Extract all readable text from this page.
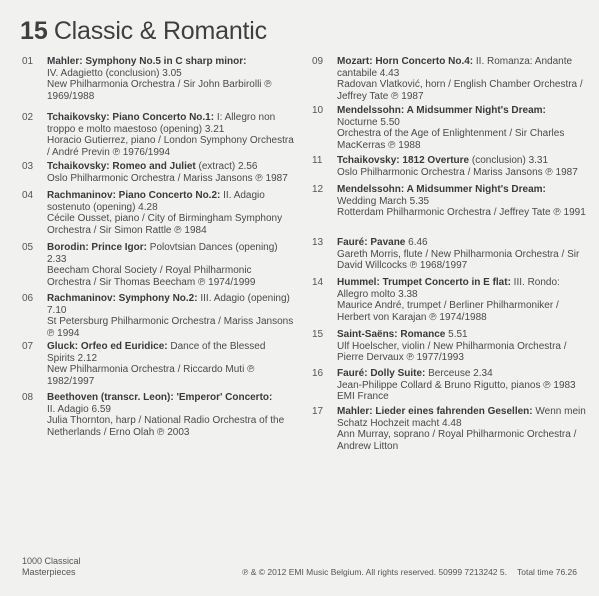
15 Classic & Romantic
01	Mahler: Symphony No.5 in C sharp minor:
IV. Adagietto (conclusion) 3.05
New Philharmonia Orchestra / Sir John Barbirolli ℗ 1969/1988
02	Tchaikovsky: Piano Concerto No.1: I: Allegro non troppo e molto maestoso (opening) 3.21
Horacio Gutierrez, piano / London Symphony Orchestra / André Previn ℗ 1976/1994
03	Tchaikovsky: Romeo and Juliet (extract) 2.56
Oslo Philharmonic Orchestra / Mariss Jansons ℗ 1987
04	Rachmaninov: Piano Concerto No.2: II. Adagio sostenuto (opening) 4.28
Cécile Ousset, piano / City of Birmingham Symphony Orchestra / Sir Simon Rattle ℗ 1984
05	Borodin: Prince Igor: Polovtsian Dances (opening) 2.33
Beecham Choral Society / Royal Philharmonic Orchestra / Sir Thomas Beecham ℗ 1974/1999
06	Rachmaninov: Symphony No.2: III. Adagio (opening) 7.10
St Petersburg Philharmonic Orchestra / Mariss Jansons ℗ 1994
07	Gluck: Orfeo ed Euridice: Dance of the Blessed Spirits 2.12
New Philharmonia Orchestra / Riccardo Muti ℗ 1982/1997
08	Beethoven (transcr. Leon): 'Emperor' Concerto:
II. Adagio 6.59
Julia Thornton, harp / National Radio Orchestra of the Netherlands / Erno Olah ℗ 2003
09	Mozart: Horn Concerto No.4: II. Romanza: Andante cantabile 4.43
Radovan Vlatković, horn / English Chamber Orchestra / Jeffrey Tate ℗ 1987
10	Mendelssohn: A Midsummer Night's Dream:
Nocturne 5.50
Orchestra of the Age of Enlightenment / Sir Charles MacKerras ℗ 1988
11	Tchaikovsky: 1812 Overture (conclusion) 3.31
Oslo Philharmonic Orchestra / Mariss Jansons ℗ 1987
12	Mendelssohn: A Midsummer Night's Dream:
Wedding March 5.35
Rotterdam Philharmonic Orchestra / Jeffrey Tate ℗ 1991
13	Fauré: Pavane 6.46
Gareth Morris, flute / New Philharmonia Orchestra / Sir David Willcocks ℗ 1968/1997
14	Hummel: Trumpet Concerto in E flat: III. Rondo: Allegro molto 3.38
Maurice André, trumpet / Berliner Philharmoniker / Herbert von Karajan ℗ 1974/1988
15	Saint-Saëns: Romance 5.51
Ulf Hoelscher, violin / New Philharmonia Orchestra / Pierre Dervaux ℗ 1977/1993
16	Fauré: Dolly Suite: Berceuse 2.34
Jean-Philippe Collard & Bruno Rigutto, pianos ℗ 1983 EMI France
17	Mahler: Lieder eines fahrenden Gesellen: Wenn mein Schatz Hochzeit macht 4.48
Ann Murray, soprano / Royal Philharmonic Orchestra / Andrew Litton
1000 Classical
Masterpieces	℗ & © 2012 EMI Music Belgium. All rights reserved. 50999 7213242 5. Total time 76.26
